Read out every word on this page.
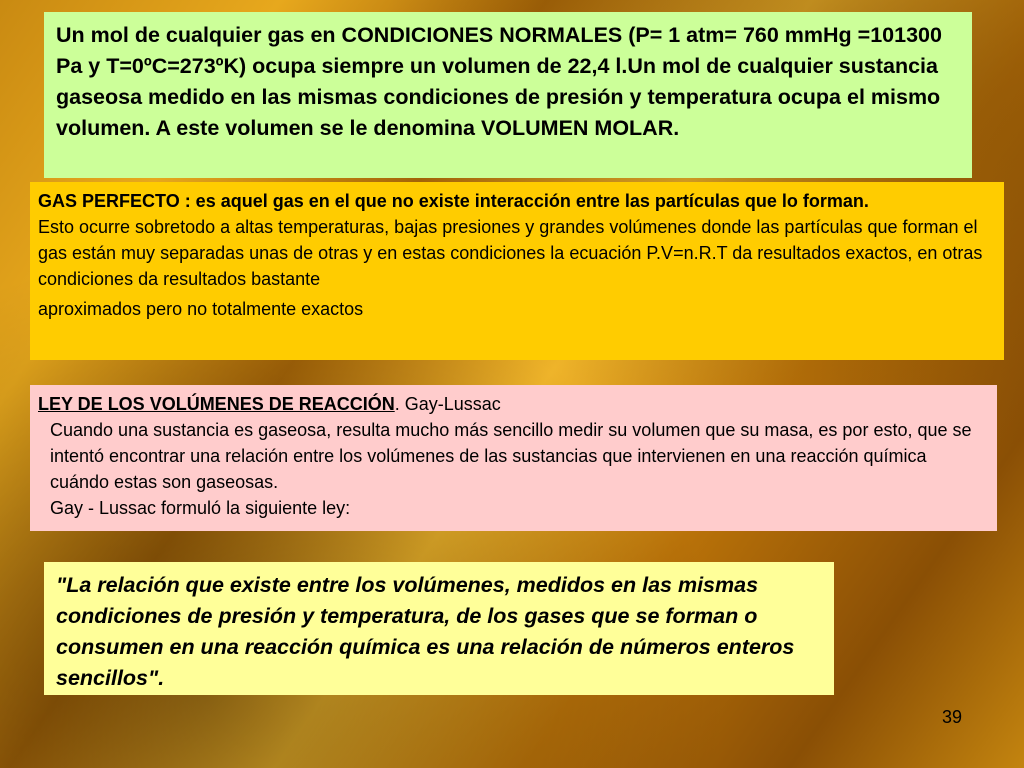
Un mol de cualquier gas en CONDICIONES NORMALES (P= 1 atm= 760 mmHg =101300 Pa y T=0ºC=273ºK) ocupa siempre un volumen de 22,4 l.Un mol de cualquier sustancia gaseosa medido en las mismas condiciones de presión y temperatura ocupa el mismo volumen. A este volumen se le denomina VOLUMEN MOLAR.
GAS PERFECTO : es aquel gas en el que no existe interacción entre las partículas que lo forman.
Esto ocurre sobretodo a altas temperaturas, bajas presiones y grandes volúmenes donde las partículas que forman el gas están muy separadas unas de otras y en estas condiciones la ecuación P.V=n.R.T da resultados exactos, en otras condiciones da resultados bastante
aproximados pero no totalmente exactos
LEY DE LOS VOLÚMENES DE REACCIÓN. Gay-Lussac
Cuando una sustancia es gaseosa, resulta mucho más sencillo medir su volumen que su masa, es por esto, que se intentó encontrar una relación entre los volúmenes de las sustancias que intervienen en una reacción química cuándo estas son gaseosas.
Gay - Lussac formuló la siguiente ley:
"La relación que existe entre los volúmenes, medidos en las mismas condiciones de presión y temperatura, de los gases que se forman o consumen en una reacción química es una relación de números enteros sencillos".
39
